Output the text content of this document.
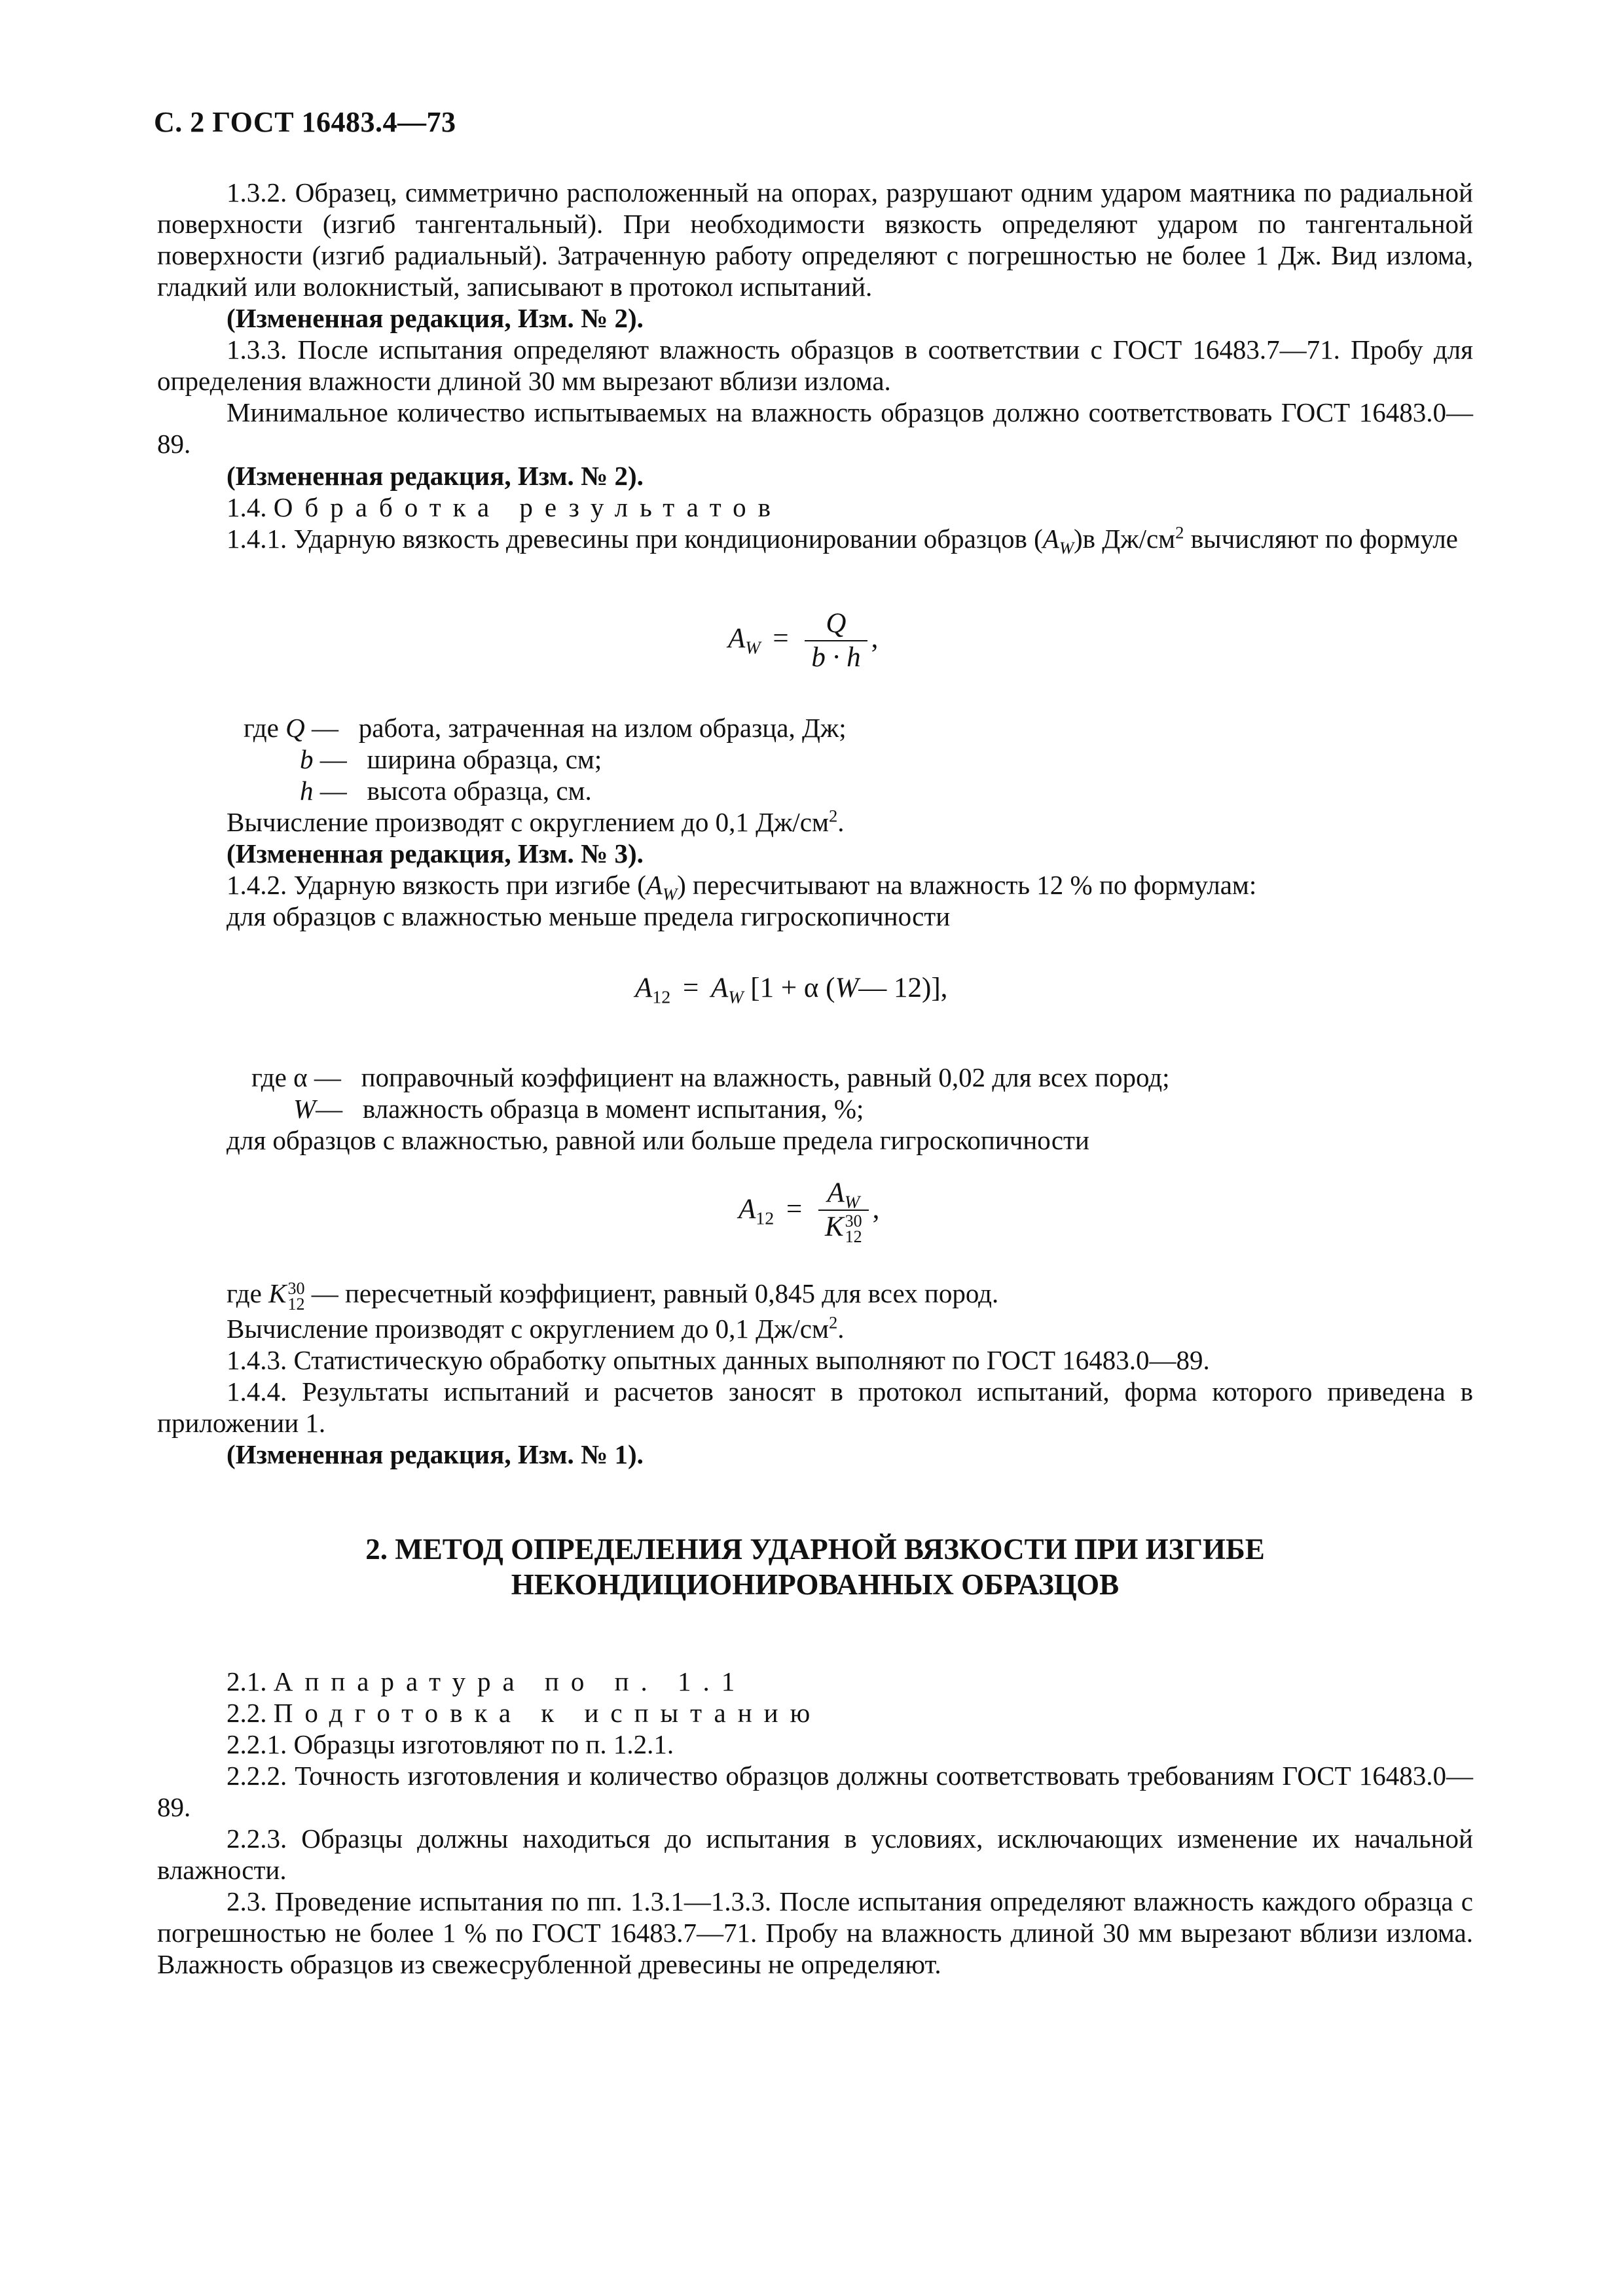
С. 2 ГОСТ 16483.4—73
1.3.2. Образец, симметрично расположенный на опорах, разрушают одним ударом маятника по радиальной поверхности (изгиб тангентальный). При необходимости вязкость определяют ударом по тангентальной поверхности (изгиб радиальный). Затраченную работу определяют с погрешностью не более 1 Дж. Вид излома, гладкий или волокнистый, записывают в протокол испытаний.
(Измененная редакция, Изм. № 2).
1.3.3. После испытания определяют влажность образцов в соответствии с ГОСТ 16483.7—71. Пробу для определения влажности длиной 30 мм вырезают вблизи излома.
Минимальное количество испытываемых на влажность образцов должно соответствовать ГОСТ 16483.0—89.
(Измененная редакция, Изм. № 2).
1.4. Обработка результатов
1.4.1. Ударную вязкость древесины при кондиционировании образцов $(A_W)в$ $Дж/см^2$ вычисляют по формуле
$A_W = \frac{Q}{b \cdot h}$ ,
где Q — работа, затраченная на излом образца, Дж;
b — ширина образца, см;
h — высота образца, см.
Вычисление производят с округлением до 0,1 $Дж/см^2$.
(Измененная редакция, Изм. № 3).
1.4.2. Ударную вязкость при изгибе $(A_W)$ пересчитывают на влажность 12 % по формулам:
для образцов с влажностью меньше предела гигроскопичности
$A_{12} = A_W$ [1 + α (W— 12)],
где α — поправочный коэффициент на влажность, равный 0,02 для всех пород;
W— влажность образца в момент испытания, %;
для образцов с влажностью, равной или больше предела гигроскопичности
$A_{12} = A_W$
K 30
12 ,
где K 30
12 — пересчетный коэффициент, равный 0,845 для всех пород.
Вычисление производят с округлением до 0,1 $Дж/см^2$.
1.4.3. Статистическую обработку опытных данных выполняют по ГОСТ 16483.0—89.
1.4.4. Результаты испытаний и расчетов заносят в протокол испытаний, форма которого приведена в приложении 1.
(Измененная редакция, Изм. № 1).
2. МЕТОД ОПРЕДЕЛЕНИЯ УДАРНОЙ ВЯЗКОСТИ ПРИ ИЗГИБЕ
НЕКОНДИЦИОНИРОВАННЫХ ОБРАЗЦОВ
2.1. Аппаратура по п. 1.1
2.2. Подготовка к испытанию
2.2.1. Образцы изготовляют по п. 1.2.1.
2.2.2. Точность изготовления и количество образцов должны соответствовать требованиям ГОСТ 16483.0—89.
2.2.3. Образцы должны находиться до испытания в условиях, исключающих изменение их начальной влажности.
2.3. Проведение испытания по пп. 1.3.1—1.3.3. После испытания определяют влажность каждого образца с погрешностью не более 1 % по ГОСТ 16483.7—71. Пробу на влажность длиной 30 мм вырезают вблизи излома. Влажность образцов из свежесрубленной древесины не определяют.
